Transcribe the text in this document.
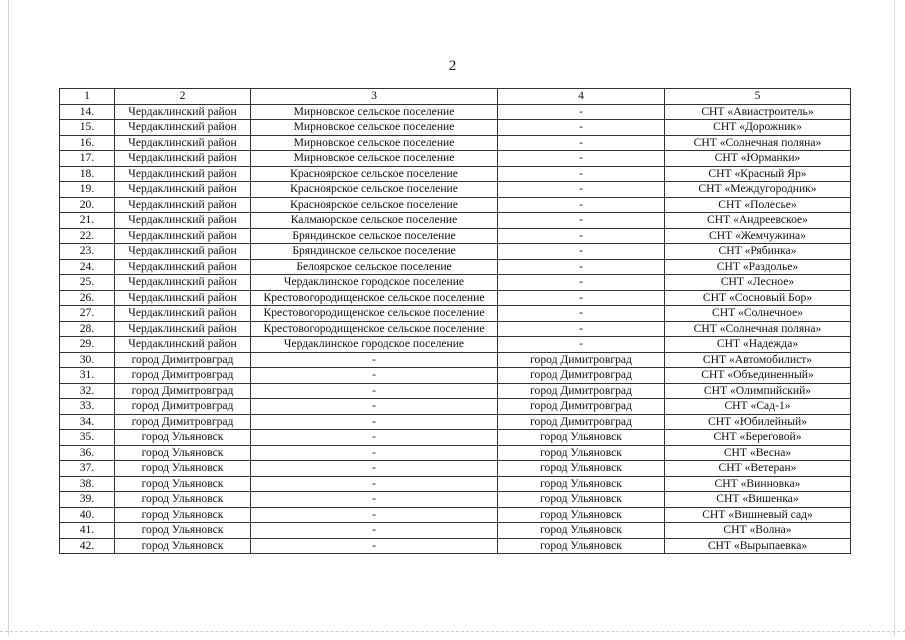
2
1	2	3	4	5
14.	Чердаклинский район	Мирновское сельское поселение	-	СНТ «Авиастроитель»
15.	Чердаклинский район	Мирновское сельское поселение	-	СНТ «Дорожник»
16.	Чердаклинский район	Мирновское сельское поселение	-	СНТ «Солнечная поляна»
17.	Чердаклинский район	Мирновское сельское поселение	-	СНТ «Юрманки»
18.	Чердаклинский район	Красноярское сельское поселение	-	СНТ «Красный Яр»
19.	Чердаклинский район	Красноярское сельское поселение	-	СНТ «Междугородник»
20.	Чердаклинский район	Красноярское сельское поселение	-	СНТ «Полесье»
21.	Чердаклинский район	Калмаюрское сельское поселение	-	СНТ «Андреевское»
22.	Чердаклинский район	Бряндинское сельское поселение	-	СНТ «Жемчужина»
23.	Чердаклинский район	Бряндинское сельское поселение	-	СНТ «Рябинка»
24.	Чердаклинский район	Белоярское сельское поселение	-	СНТ «Раздолье»
25.	Чердаклинский район	Чердаклинское городское поселение	-	СНТ «Лесное»
26.	Чердаклинский район	Крестовогородищенское сельское поселение	-	СНТ «Сосновый Бор»
27.	Чердаклинский район	Крестовогородищенское сельское поселение	-	СНТ «Солнечное»
28.	Чердаклинский район	Крестовогородищенское сельское поселение	-	СНТ «Солнечная поляна»
29.	Чердаклинский район	Чердаклинское городское поселение	-	СНТ «Надежда»
30.	город Димитровград	-	город Димитровград	СНТ «Автомобилист»
31.	город Димитровград	-	город Димитровград	СНТ «Объединенный»
32.	город Димитровград	-	город Димитровград	СНТ «Олимпийский»
33.	город Димитровград	-	город Димитровград	СНТ «Сад-1»
34.	город Димитровград	-	город Димитровград	СНТ «Юбилейный»
35.	город Ульяновск	-	город Ульяновск	СНТ «Береговой»
36.	город Ульяновск	-	город Ульяновск	СНТ «Весна»
37.	город Ульяновск	-	город Ульяновск	СНТ «Ветеран»
38.	город Ульяновск	-	город Ульяновск	СНТ «Винновка»
39.	город Ульяновск	-	город Ульяновск	СНТ «Вишенка»
40.	город Ульяновск	-	город Ульяновск	СНТ «Вишневый сад»
41.	город Ульяновск	-	город Ульяновск	СНТ «Волна»
42.	город Ульяновск	-	город Ульяновск	СНТ «Вырыпаевка»
